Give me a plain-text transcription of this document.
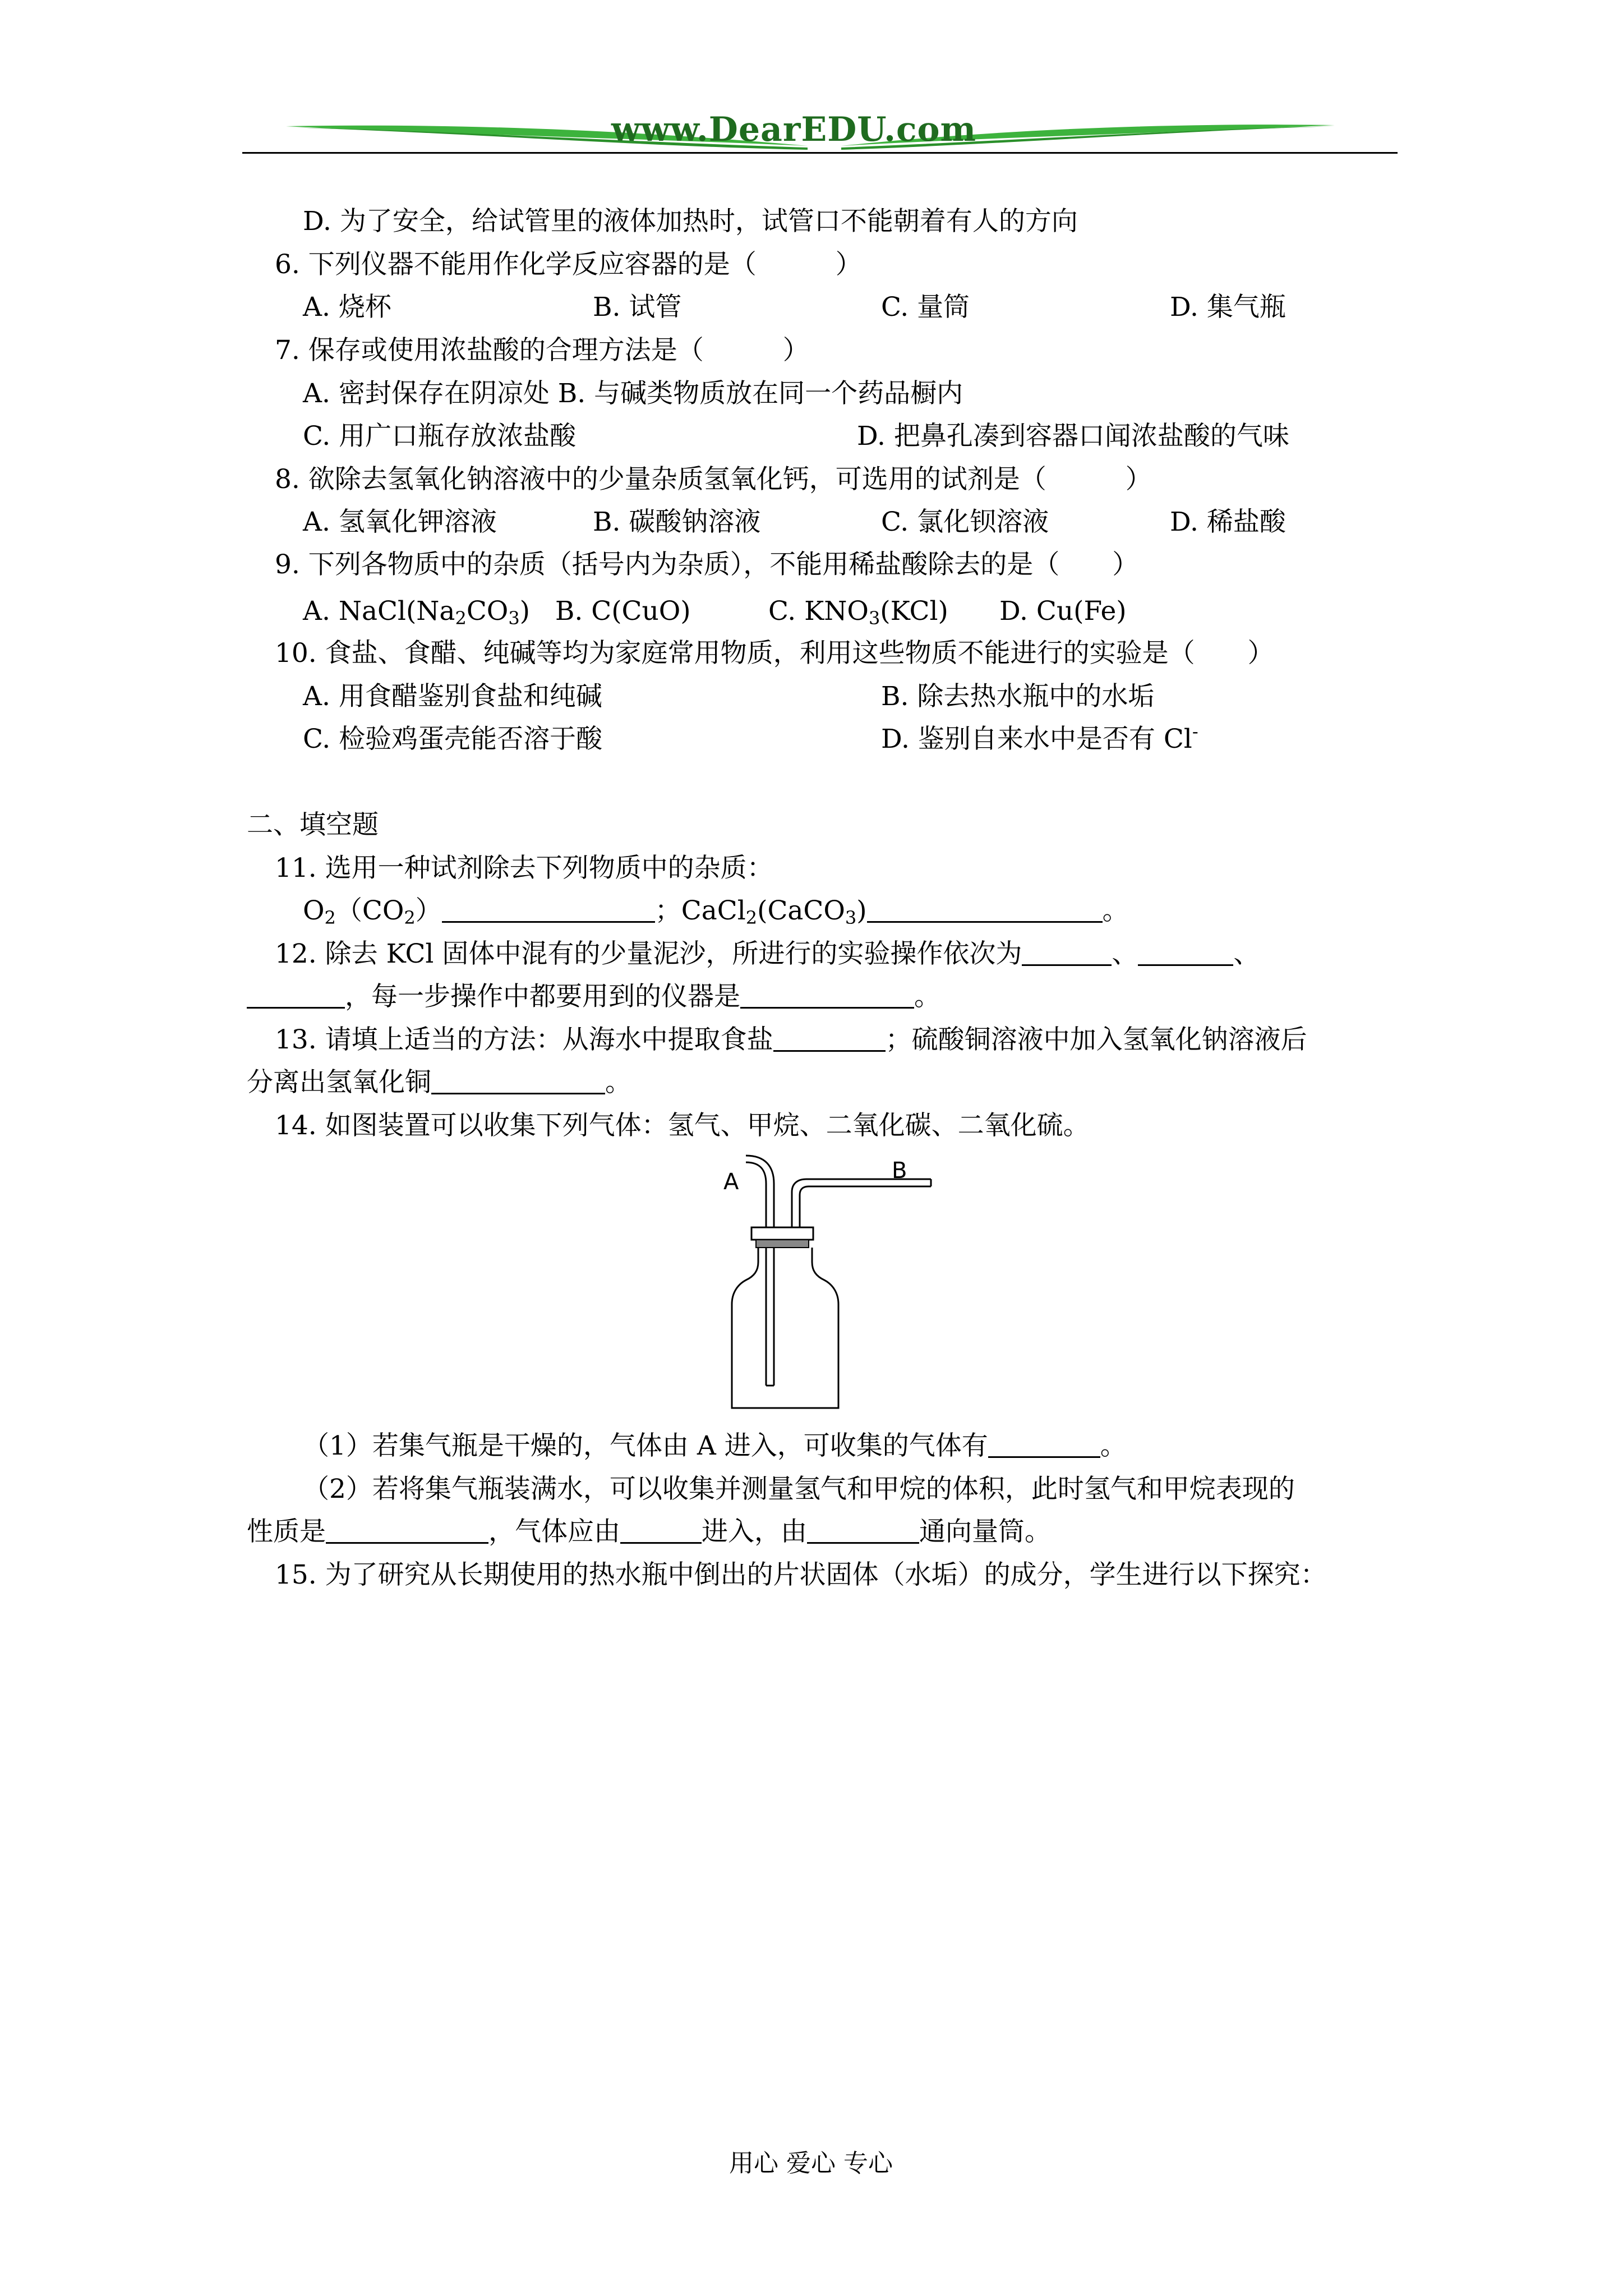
www.DearEDU.com
D. 为了安全，给试管里的液体加热时，试管口不能朝着有人的方向
6. 下列仪器不能用作化学反应容器的是（　　　）
A. 烧杯	B. 试管	C. 量筒	D. 集气瓶
7. 保存或使用浓盐酸的合理方法是（　　　）
A. 密封保存在阴凉处 B. 与碱类物质放在同一个药品橱内
C. 用广口瓶存放浓盐酸	D. 把鼻孔凑到容器口闻浓盐酸的气味
8. 欲除去氢氧化钠溶液中的少量杂质氢氧化钙，可选用的试剂是（　　　）
A. 氢氧化钾溶液	B. 碳酸钠溶液	C. 氯化钡溶液	D. 稀盐酸
9. 下列各物质中的杂质（括号内为杂质），不能用稀盐酸除去的是（　　）
A. $NaCl(Na_2CO_3)$   B. C(CuO)	C. $KNO_3(KCl)$ D. Cu(Fe)
10. 食盐、食醋、纯碱等均为家庭常用物质，利用这些物质不能进行的实验是（　　）
A. 用食醋鉴别食盐和纯碱	B. 除去热水瓶中的水垢
C. 检验鸡蛋壳能否溶于酸	D. 鉴别自来水中是否有 Cl-
二、填空题
11. 选用一种试剂除去下列物质中的杂质：
$O_2(CO_2)$	；CaCl$_2$(CaCO$_3$)	。
12. 除去 KCl 固体中混有的少量泥沙，所进行的实验操作依次为	、	、
，每一步操作中都要用到的仪器是	。
13. 请填上适当的方法：从海水中提取食盐	；硫酸铜溶液中加入氢氧化钠溶液后
分离出氢氧化铜	。
14. 如图装置可以收集下列气体：氢气、甲烷、二氧化碳、二氧化硫。
A	B
（1）若集气瓶是干燥的，气体由 A 进入，可收集的气体有	。
（2）若将集气瓶装满水，可以收集并测量氢气和甲烷的体积，此时氢气和甲烷表现的
性质是	，气体应由	进入，由	通向量筒。
15. 为了研究从长期使用的热水瓶中倒出的片状固体（水垢）的成分，学生进行以下探究：
用心 爱心 专心
